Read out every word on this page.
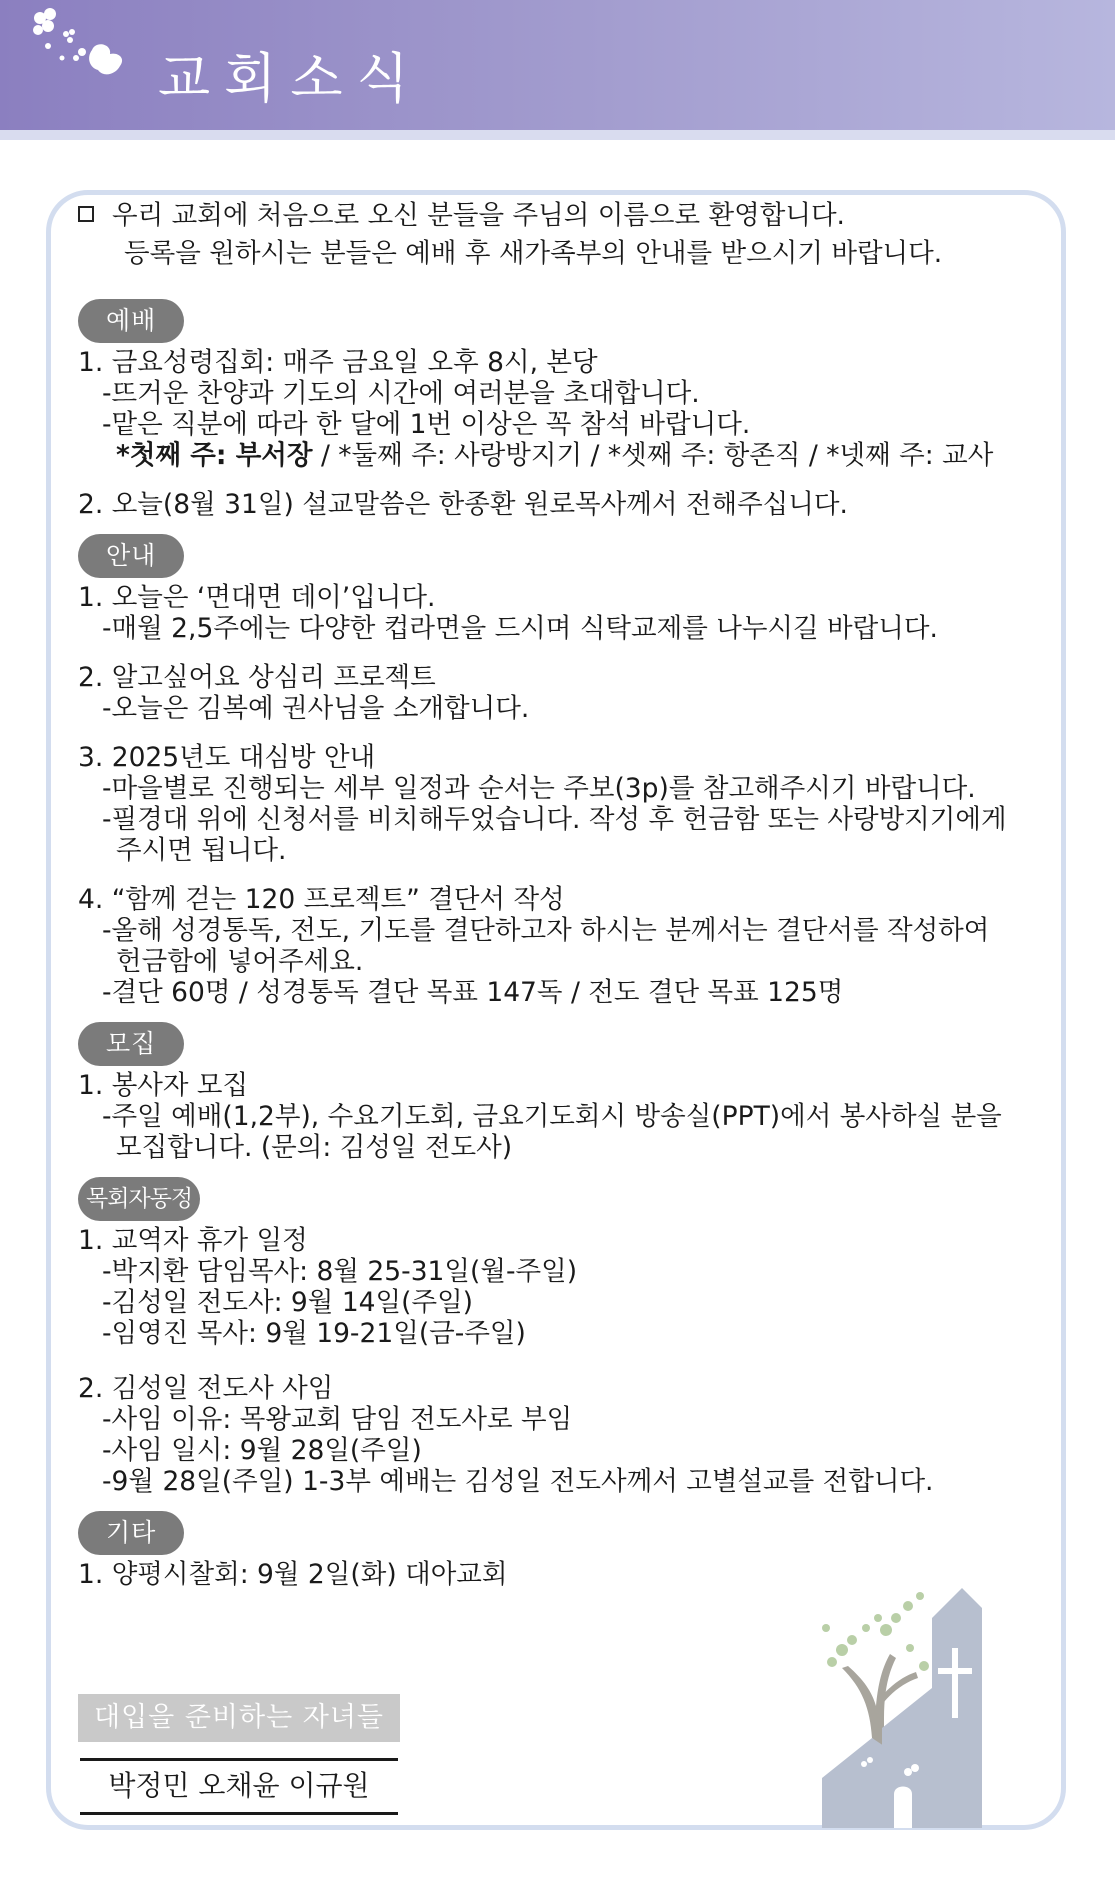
교회소식

우리 교회에 처음으로 오신 분들을 주님의 이름으로 환영합니다.

등록을 원하시는 분들은 예배 후 새가족부의 안내를 받으시기 바랍니다.

예배

1. 금요성령집회: 매주 금요일 오후 8시, 본당

-뜨거운 찬양과 기도의 시간에 여러분을 초대합니다.

-맡은 직분에 따라 한 달에 1번 이상은 꼭 참석 바랍니다.

*첫째 주: 부서장 / *둘째 주: 사랑방지기 / *셋째 주: 항존직 / *넷째 주: 교사

2. 오늘(8월 31일) 설교말씀은 한종환 원로목사께서 전해주십니다.

안내

1. 오늘은 ‘면대면 데이’입니다.

-매월 2,5주에는 다양한 컵라면을 드시며 식탁교제를 나누시길 바랍니다.

2. 알고싶어요 상심리 프로젝트

-오늘은 김복예 권사님을 소개합니다.

3. 2025년도 대심방 안내

-마을별로 진행되는 세부 일정과 순서는 주보(3p)를 참고해주시기 바랍니다.

-필경대 위에 신청서를 비치해두었습니다. 작성 후 헌금함 또는 사랑방지기에게

주시면 됩니다.

4. “함께 걷는 120 프로젝트” 결단서 작성

-올해 성경통독, 전도, 기도를 결단하고자 하시는 분께서는 결단서를 작성하여

헌금함에 넣어주세요.

-결단 60명 / 성경통독 결단 목표 147독 / 전도 결단 목표 125명

모집

1. 봉사자 모집

-주일 예배(1,2부), 수요기도회, 금요기도회시 방송실(PPT)에서 봉사하실 분을

모집합니다. (문의: 김성일 전도사)

목회자동정

1. 교역자 휴가 일정

-박지환 담임목사: 8월 25-31일(월-주일)

-김성일 전도사: 9월 14일(주일)

-임영진 목사: 9월 19-21일(금-주일)

2. 김성일 전도사 사임

-사임 이유: 목왕교회 담임 전도사로 부임

-사임 일시: 9월 28일(주일)

-9월 28일(주일) 1-3부 예배는 김성일 전도사께서 고별설교를 전합니다.

기타

1. 양평시찰회: 9월 2일(화) 대아교회

대입을 준비하는 자녀들
박정민 오채윤 이규원
